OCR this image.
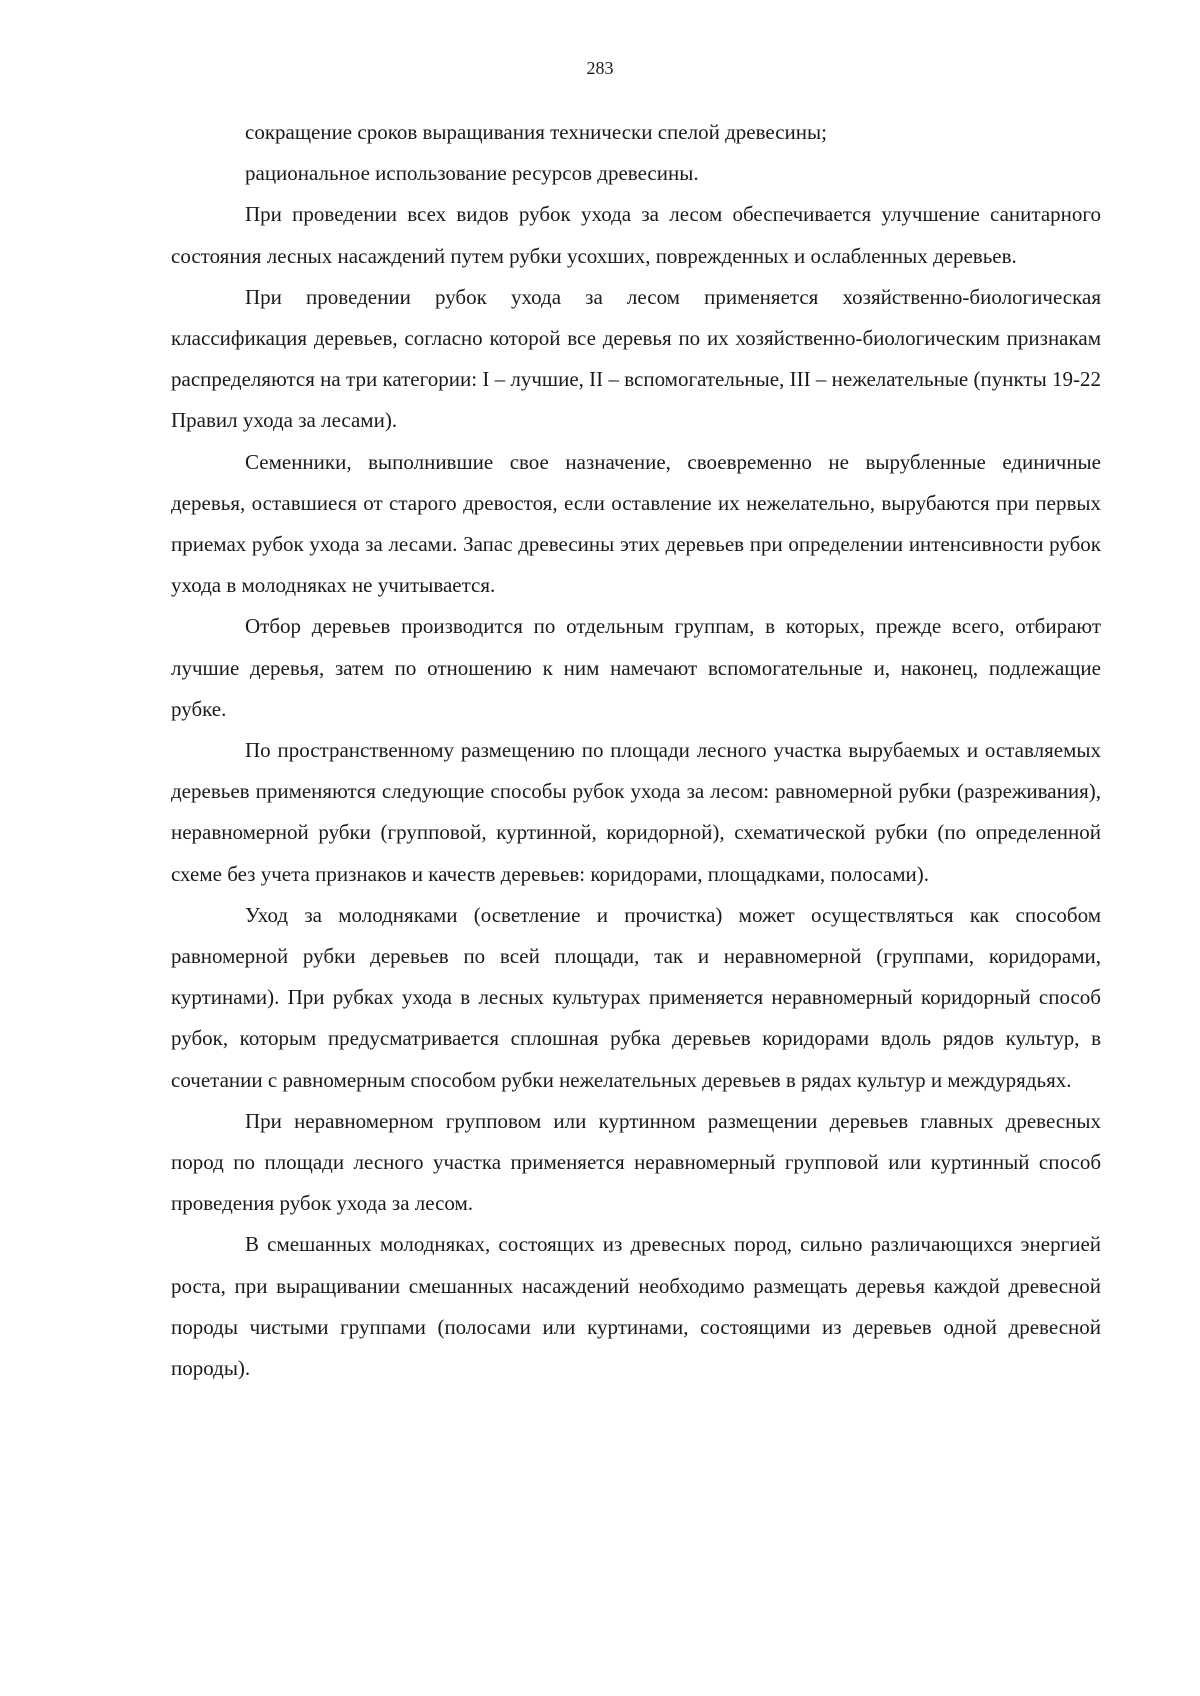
283

сокращение сроков выращивания технически спелой древесины;

рациональное использование ресурсов древесины.

При проведении всех видов рубок ухода за лесом обеспечивается улучшение санитарного состояния лесных насаждений путем рубки усохших, поврежденных и ослабленных деревьев.

При проведении рубок ухода за лесом применяется хозяйственно-биологическая классификация деревьев, согласно которой все деревья по их хозяйственно-биологическим признакам распределяются на три категории: I – лучшие, II – вспомогательные, III – нежелательные (пункты 19-22 Правил ухода за лесами).

Семенники, выполнившие свое назначение, своевременно не вырубленные единичные деревья, оставшиеся от старого древостоя, если оставление их нежелательно, вырубаются при первых приемах рубок ухода за лесами. Запас древесины этих деревьев при определении интенсивности рубок ухода в молодняках не учитывается.

Отбор деревьев производится по отдельным группам, в которых, прежде всего, отбирают лучшие деревья, затем по отношению к ним намечают вспомогательные и, наконец, подлежащие рубке.

По пространственному размещению по площади лесного участка вырубаемых и оставляемых деревьев применяются следующие способы рубок ухода за лесом: равномерной рубки (разреживания), неравномерной рубки (групповой, куртинной, коридорной), схематической рубки (по определенной схеме без учета признаков и качеств деревьев: коридорами, площадками, полосами).

Уход за молодняками (осветление и прочистка) может осуществляться как способом равномерной рубки деревьев по всей площади, так и неравномерной (группами, коридорами, куртинами). При рубках ухода в лесных культурах применяется неравномерный коридорный способ рубок, которым предусматривается сплошная рубка деревьев коридорами вдоль рядов культур, в сочетании с равномерным способом рубки нежелательных деревьев в рядах культур и междурядьях.

При неравномерном групповом или куртинном размещении деревьев главных древесных пород по площади лесного участка применяется неравномерный групповой или куртинный способ проведения рубок ухода за лесом.

В смешанных молодняках, состоящих из древесных пород, сильно различающихся энергией роста, при выращивании смешанных насаждений необходимо размещать деревья каждой древесной породы чистыми группами (полосами или куртинами, состоящими из деревьев одной древесной породы).
